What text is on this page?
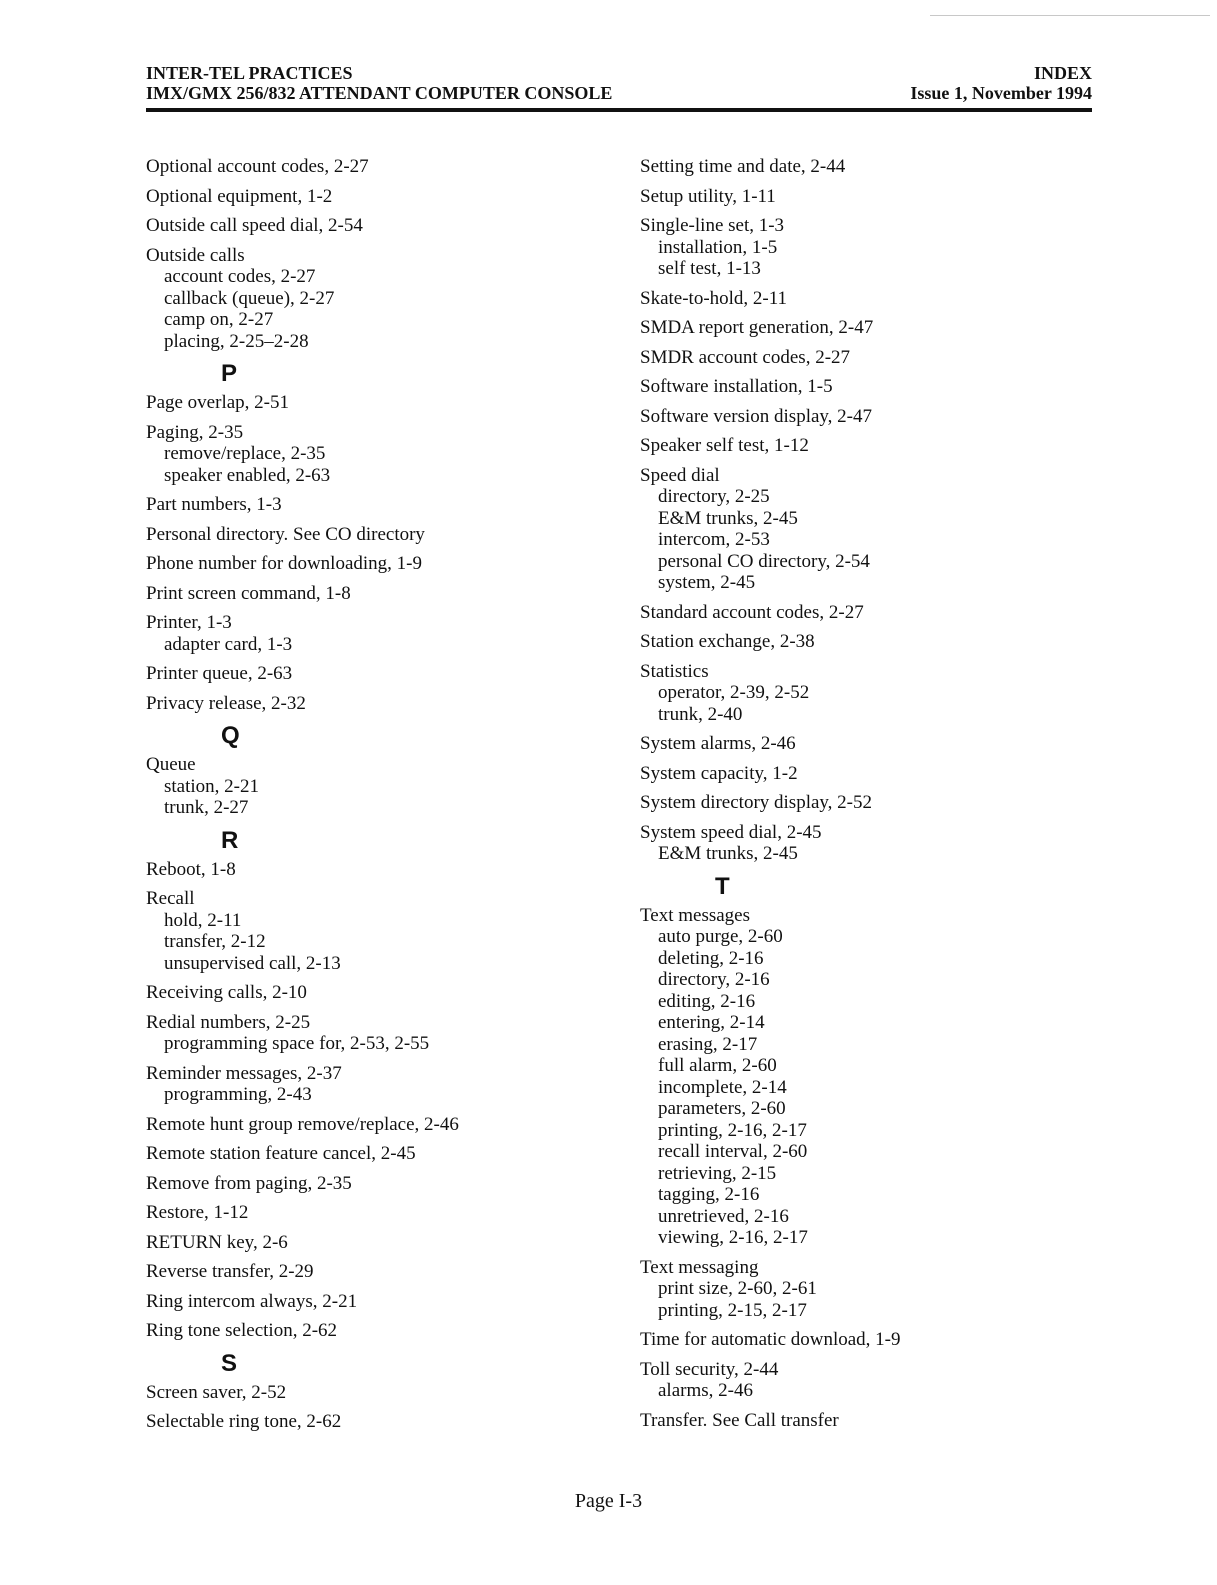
INTER-TEL PRACTICES
IMX/GMX 256/832 ATTENDANT COMPUTER CONSOLE
INDEX
Issue 1, November 1994
Optional account codes, 2-27
Optional equipment, 1-2
Outside call speed dial, 2-54
Outside calls
account codes, 2-27
callback (queue), 2-27
camp on, 2-27
placing, 2-25–2-28
P
Page overlap, 2-51
Paging, 2-35
remove/replace, 2-35
speaker enabled, 2-63
Part numbers, 1-3
Personal directory. See CO directory
Phone number for downloading, 1-9
Print screen command, 1-8
Printer, 1-3
adapter card, 1-3
Printer queue, 2-63
Privacy release, 2-32
Q
Queue
station, 2-21
trunk, 2-27
R
Reboot, 1-8
Recall
hold, 2-11
transfer, 2-12
unsupervised call, 2-13
Receiving calls, 2-10
Redial numbers, 2-25
programming space for, 2-53, 2-55
Reminder messages, 2-37
programming, 2-43
Remote hunt group remove/replace, 2-46
Remote station feature cancel, 2-45
Remove from paging, 2-35
Restore, 1-12
RETURN key, 2-6
Reverse transfer, 2-29
Ring intercom always, 2-21
Ring tone selection, 2-62
S
Screen saver, 2-52
Selectable ring tone, 2-62
Setting time and date, 2-44
Setup utility, 1-11
Single-line set, 1-3
installation, 1-5
self test, 1-13
Skate-to-hold, 2-11
SMDA report generation, 2-47
SMDR account codes, 2-27
Software installation, 1-5
Software version display, 2-47
Speaker self test, 1-12
Speed dial
directory, 2-25
E&M trunks, 2-45
intercom, 2-53
personal CO directory, 2-54
system, 2-45
Standard account codes, 2-27
Station exchange, 2-38
Statistics
operator, 2-39, 2-52
trunk, 2-40
System alarms, 2-46
System capacity, 1-2
System directory display, 2-52
System speed dial, 2-45
E&M trunks, 2-45
T
Text messages
auto purge, 2-60
deleting, 2-16
directory, 2-16
editing, 2-16
entering, 2-14
erasing, 2-17
full alarm, 2-60
incomplete, 2-14
parameters, 2-60
printing, 2-16, 2-17
recall interval, 2-60
retrieving, 2-15
tagging, 2-16
unretrieved, 2-16
viewing, 2-16, 2-17
Text messaging
print size, 2-60, 2-61
printing, 2-15, 2-17
Time for automatic download, 1-9
Toll security, 2-44
alarms, 2-46
Transfer. See Call transfer
Page I-3
